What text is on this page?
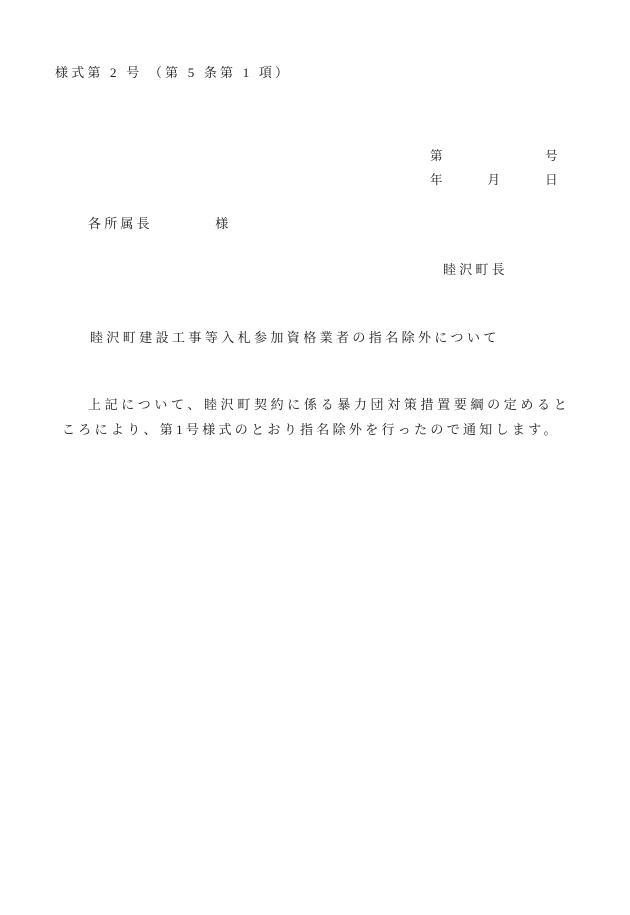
様式第 2 号 （第 5 条第 1 項）
第	号
年	月	日
各所属長	様
睦沢町長
睦沢町建設工事等入札参加資格業者の指名除外について
上記について、睦沢町契約に係る暴力団対策措置要綱の定めるところにより、第1号様式のとおり指名除外を行ったので通知します。
